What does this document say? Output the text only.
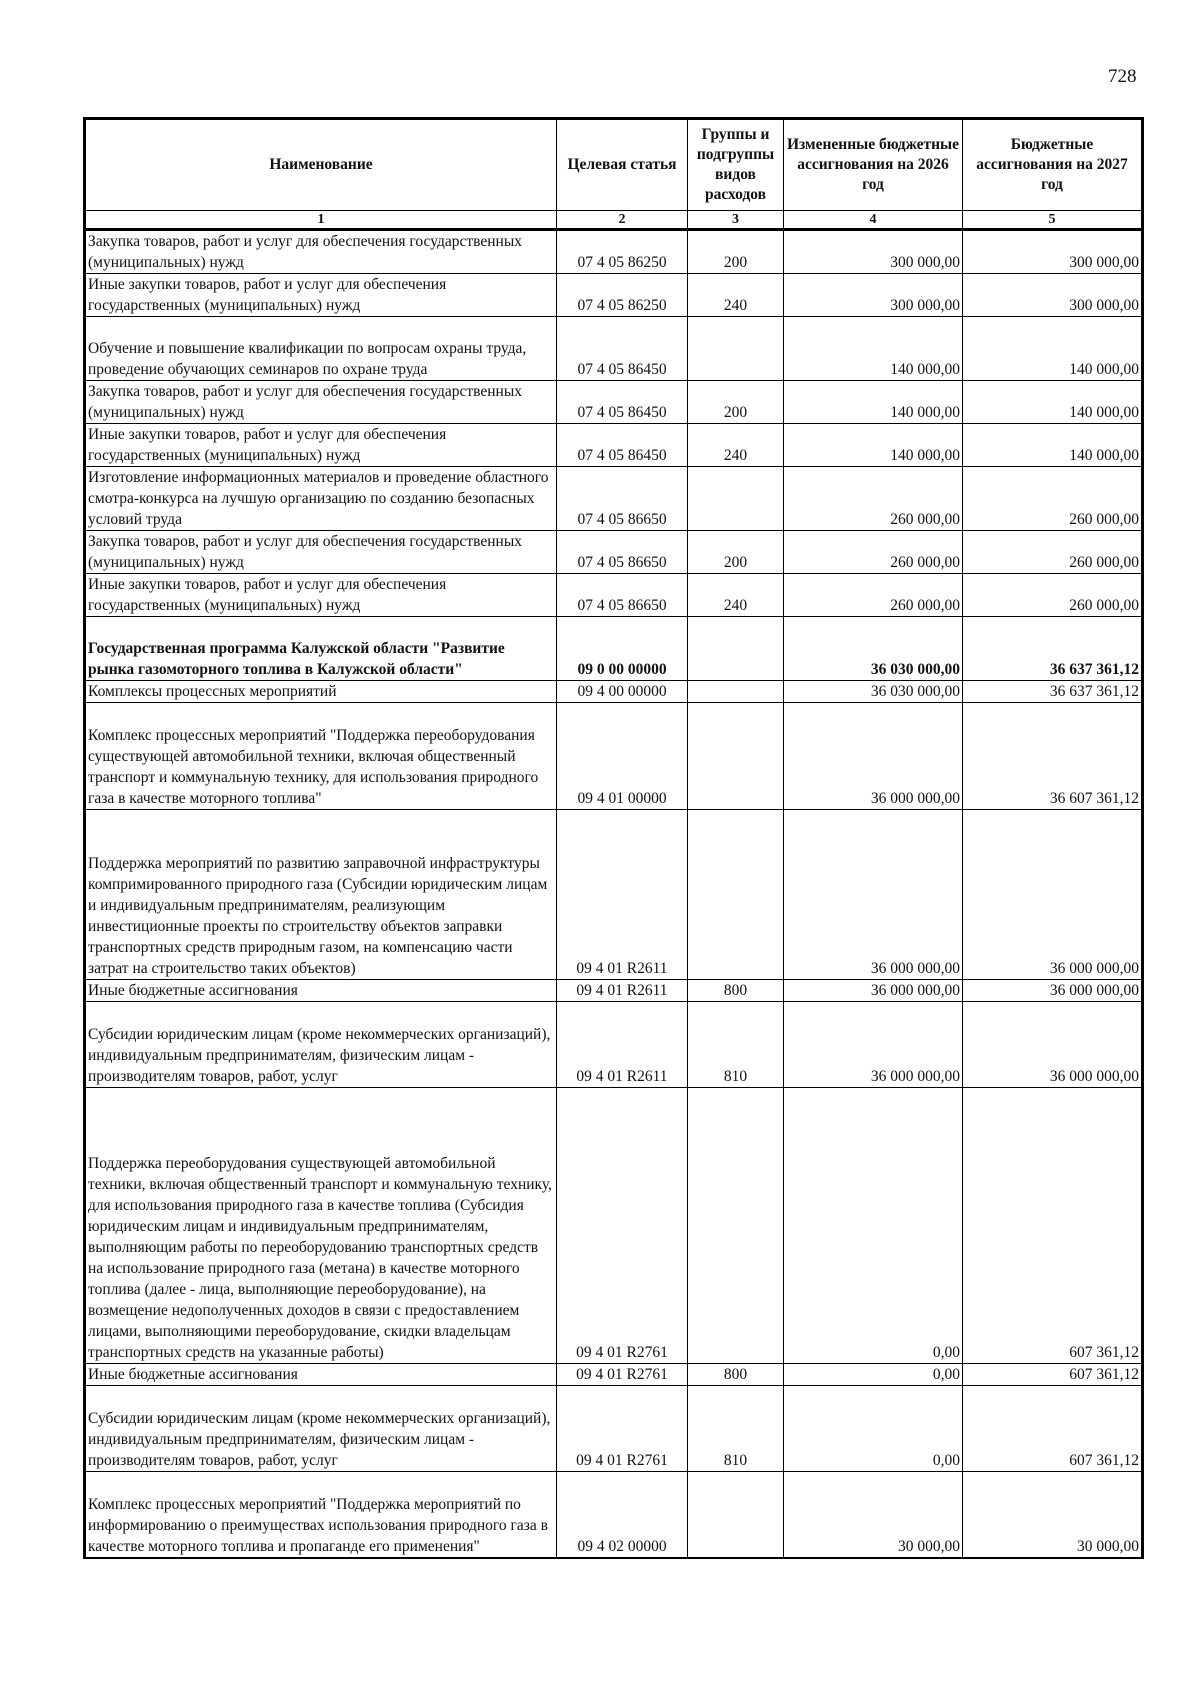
728
Наименование	Целевая статья	Группы и подгруппы видов расходов	Измененные бюджетные ассигнования на 2026 год	Бюджетные ассигнования на 2027 год
1	2	3	4	5
Закупка товаров, работ и услуг для обеспечения государственных (муниципальных) нужд	07 4 05 86250	200	300 000,00	300 000,00
Иные закупки товаров, работ и услуг для обеспечения государственных (муниципальных) нужд	07 4 05 86250	240	300 000,00	300 000,00
Обучение и повышение квалификации по вопросам охраны труда, проведение обучающих семинаров по охране труда	07 4 05 86450		140 000,00	140 000,00
Закупка товаров, работ и услуг для обеспечения государственных (муниципальных) нужд	07 4 05 86450	200	140 000,00	140 000,00
Иные закупки товаров, работ и услуг для обеспечения государственных (муниципальных) нужд	07 4 05 86450	240	140 000,00	140 000,00
Изготовление информационных материалов и проведение областного смотра-конкурса на лучшую организацию по созданию безопасных условий труда	07 4 05 86650		260 000,00	260 000,00
Закупка товаров, работ и услуг для обеспечения государственных (муниципальных) нужд	07 4 05 86650	200	260 000,00	260 000,00
Иные закупки товаров, работ и услуг для обеспечения государственных (муниципальных) нужд	07 4 05 86650	240	260 000,00	260 000,00
Государственная программа Калужской области "Развитие рынка газомоторного топлива в Калужской области"	09 0 00 00000		36 030 000,00	36 637 361,12
Комплексы процессных мероприятий	09 4 00 00000		36 030 000,00	36 637 361,12
Комплекс процессных мероприятий "Поддержка переоборудования существующей автомобильной техники, включая общественный транспорт и коммунальную технику, для использования природного газа в качестве моторного топлива"	09 4 01 00000		36 000 000,00	36 607 361,12
Поддержка мероприятий по развитию заправочной инфраструктуры компримированного природного газа (Субсидии юридическим лицам и индивидуальным предпринимателям, реализующим инвестиционные проекты по строительству объектов заправки транспортных средств природным газом, на компенсацию части затрат на строительство таких объектов)	09 4 01 R2611		36 000 000,00	36 000 000,00
Иные бюджетные ассигнования	09 4 01 R2611	800	36 000 000,00	36 000 000,00
Субсидии юридическим лицам (кроме некоммерческих организаций), индивидуальным предпринимателям, физическим лицам - производителям товаров, работ, услуг	09 4 01 R2611	810	36 000 000,00	36 000 000,00
Поддержка переоборудования существующей автомобильной техники, включая общественный транспорт и коммунальную технику, для использования природного газа в качестве топлива (Субсидия юридическим лицам и индивидуальным предпринимателям, выполняющим работы по переоборудованию транспортных средств на использование природного газа (метана) в качестве моторного топлива (далее - лица, выполняющие переоборудование), на возмещение недополученных доходов в связи с предоставлением лицами, выполняющими переоборудование, скидки владельцам транспортных средств на указанные работы)	09 4 01 R2761		0,00	607 361,12
Иные бюджетные ассигнования	09 4 01 R2761	800	0,00	607 361,12
Субсидии юридическим лицам (кроме некоммерческих организаций), индивидуальным предпринимателям, физическим лицам - производителям товаров, работ, услуг	09 4 01 R2761	810	0,00	607 361,12
Комплекс процессных мероприятий "Поддержка мероприятий по информированию о преимуществах использования природного газа в качестве моторного топлива и пропаганде его применения"	09 4 02 00000		30 000,00	30 000,00
